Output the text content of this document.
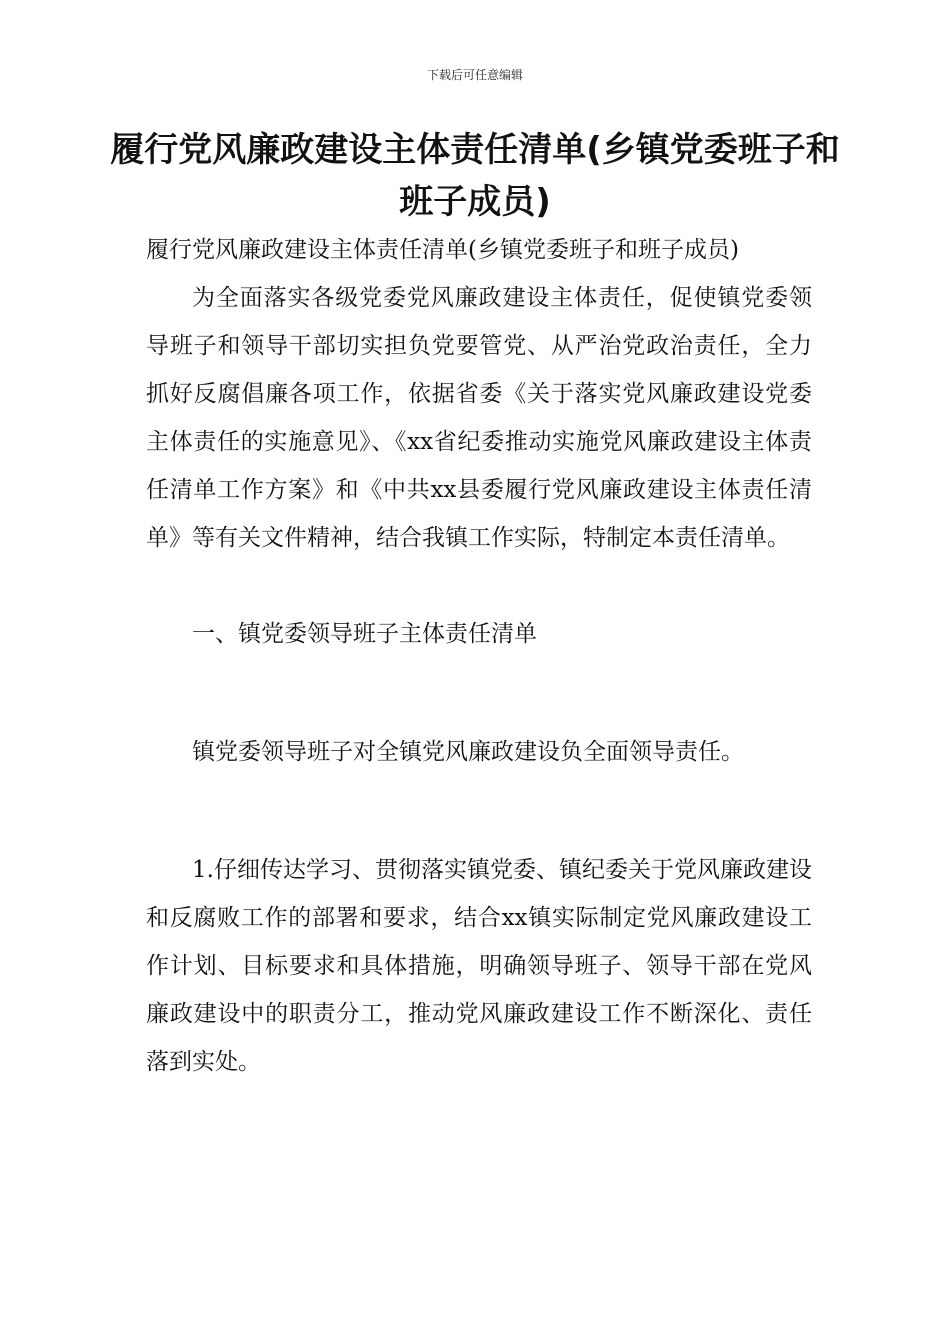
下载后可任意编辑
履行党风廉政建设主体责任清单(乡镇党委班子和班子成员)

履行党风廉政建设主体责任清单(乡镇党委班子和班子成员)

为全面落实各级党委党风廉政建设主体责任，促使镇党委领导班子和领导干部切实担负党要管党、从严治党政治责任，全力抓好反腐倡廉各项工作，依据省委《关于落实党风廉政建设党委主体责任的实施意见》、《xx省纪委推动实施党风廉政建设主体责任清单工作方案》和《中共xx县委履行党风廉政建设主体责任清单》等有关文件精神，结合我镇工作实际，特制定本责任清单。

一、镇党委领导班子主体责任清单

镇党委领导班子对全镇党风廉政建设负全面领导责任。

1.仔细传达学习、贯彻落实镇党委、镇纪委关于党风廉政建设和反腐败工作的部署和要求，结合xx镇实际制定党风廉政建设工作计划、目标要求和具体措施，明确领导班子、领导干部在党风廉政建设中的职责分工，推动党风廉政建设工作不断深化、责任落到实处。
